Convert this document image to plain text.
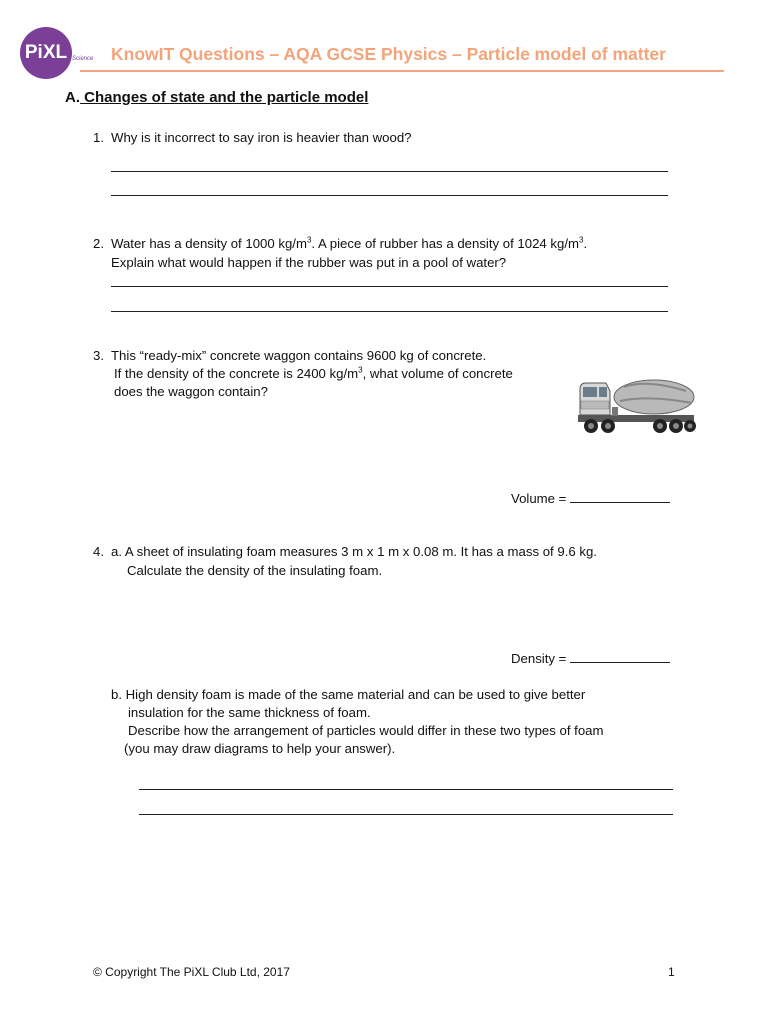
PiXL Science KnowIT Questions – AQA GCSE Physics – Particle model of matter
A. Changes of state and the particle model
1. Why is it incorrect to say iron is heavier than wood?
2. Water has a density of 1000 $kg/m^3$. A piece of rubber has a density of 1024 $kg/m^3$.
Explain what would happen if the rubber was put in a pool of water?
3. This “ready-mix” concrete waggon contains 9600 kg of concrete.
If the density of the concrete is 2400 $kg/m^3$, what volume of concrete
does the waggon contain?
Volume =
4. a. A sheet of insulating foam measures 3 m x 1 m x 0.08 m. It has a mass of 9.6 kg.
Calculate the density of the insulating foam.
Density =
b. High density foam is made of the same material and can be used to give better
insulation for the same thickness of foam.
Describe how the arrangement of particles would differ in these two types of foam
(you may draw diagrams to help your answer).
© Copyright The PiXL Club Ltd, 2017	1
